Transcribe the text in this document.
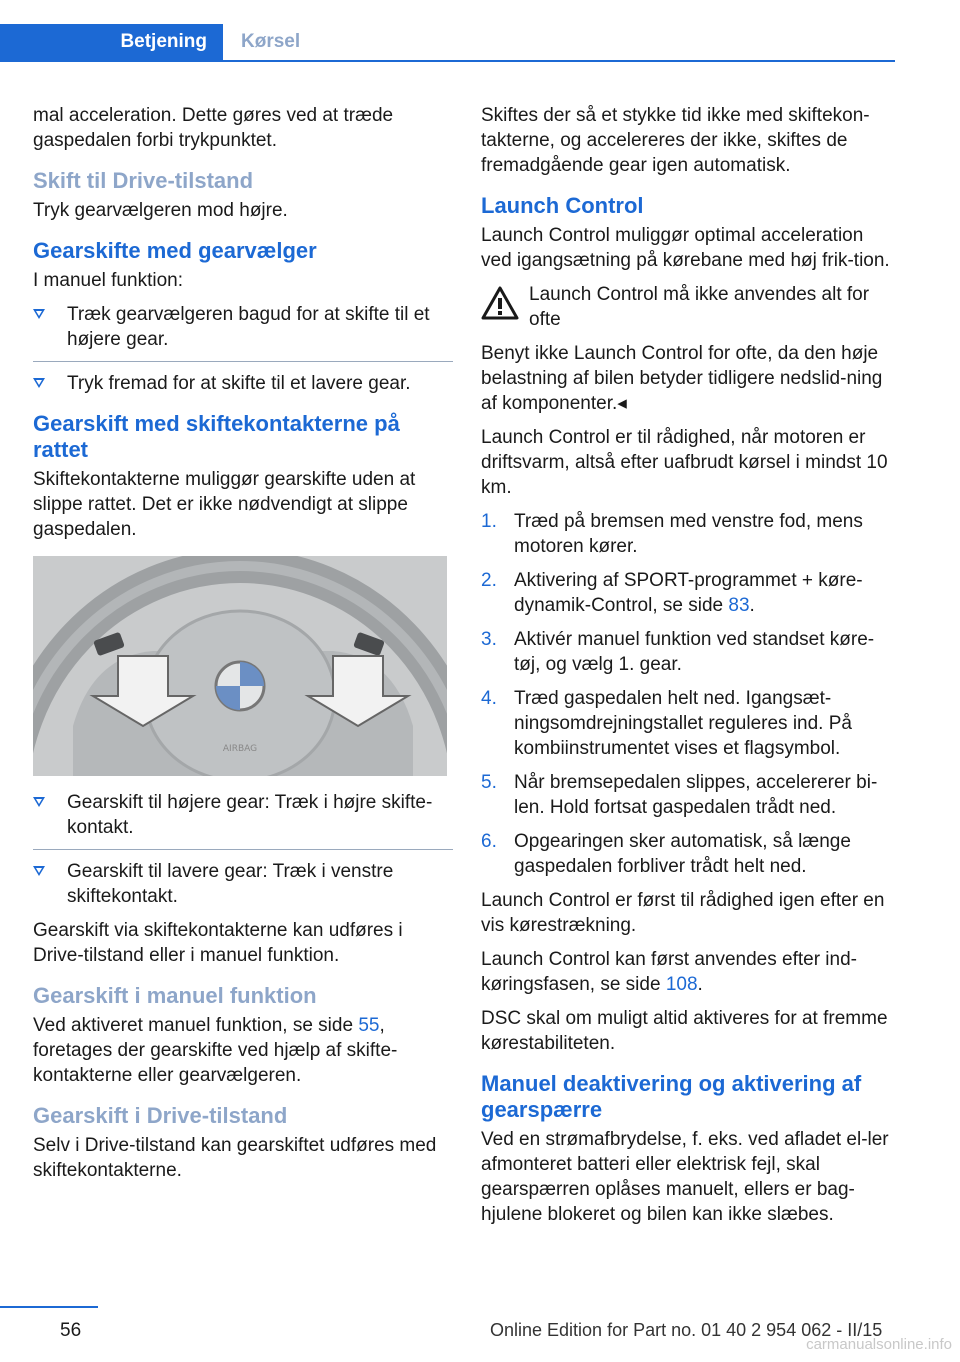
Betjening	Kørsel

mal acceleration. Dette gøres ved at træde gaspedalen forbi trykpunktet.

Skift til Drive-tilstand

Tryk gearvælgeren mod højre.

Gearskifte med gearvælger

I manuel funktion:

Træk gearvælgeren bagud for at skifte til et højere gear.
Tryk fremad for at skifte til et lavere gear.
Gearskift med skiftekontakterne på rattet

Skiftekontakterne muliggør gearskifte uden at slippe rattet. Det er ikke nødvendigt at slippe gaspedalen.

AIRBAG
Gearskift til højere gear: Træk i højre skifte-kontakt.
Gearskift til lavere gear: Træk i venstre skiftekontakt.

Gearskift via skiftekontakterne kan udføres i Drive-tilstand eller i manuel funktion.

Gearskift i manuel funktion

Ved aktiveret manuel funktion, se side 55, foretages der gearskifte ved hjælp af skifte-kontakterne eller gearvælgeren.

Gearskift i Drive-tilstand

Selv i Drive-tilstand kan gearskiftet udføres med skiftekontakterne.

Skiftes der så et stykke tid ikke med skiftekon-takterne, og accelereres der ikke, skiftes de fremadgående gear igen automatisk.

Launch Control

Launch Control muliggør optimal acceleration ved igangsætning på kørebane med høj frik-tion.

Launch Control må ikke anvendes alt for ofte

Benyt ikke Launch Control for ofte, da den høje belastning af bilen betyder tidligere nedslid-ning af komponenter.◂

Launch Control er til rådighed, når motoren er driftsvarm, altså efter uafbrudt kørsel i mindst 10 km.

1. Træd på bremsen med venstre fod, mens motoren kører.
2. Aktivering af SPORT-programmet + køre-dynamik-Control, se side 83.
3. Aktivér manuel funktion ved standset køre-tøj, og vælg 1. gear.
4. Træd gaspedalen helt ned. Igangsæt-ningsomdrejningstallet reguleres ind. På kombiinstrumentet vises et flagsymbol.
5. Når bremsepedalen slippes, accelererer bi-len. Hold fortsat gaspedalen trådt ned.
6. Opgearingen sker automatisk, så længe gaspedalen forbliver trådt helt ned.

Launch Control er først til rådighed igen efter en vis kørestrækning.

Launch Control kan først anvendes efter ind-køringsfasen, se side 108.

DSC skal om muligt altid aktiveres for at fremme kørestabiliteten.

Manuel deaktivering og aktivering af gearspærre

Ved en strømafbrydelse, f. eks. ved afladet el-ler afmonteret batteri eller elektrisk fejl, skal gearspærren oplåses manuelt, ellers er bag-hjulene blokeret og bilen kan ikke slæbes.

56	Online Edition for Part no. 01 40 2 954 062 - II/15
carmanualsonline.info
